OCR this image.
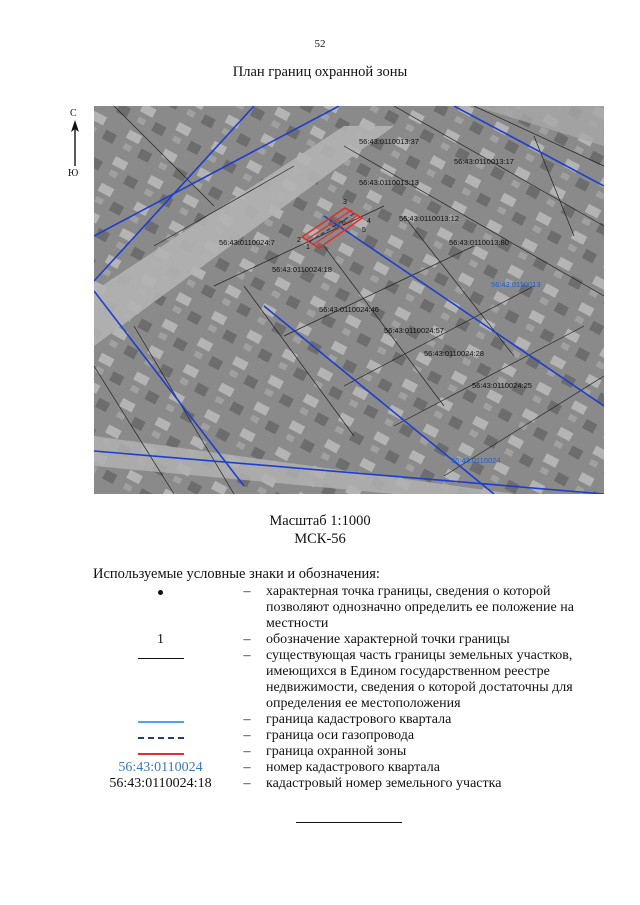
52
План границ охранной зоны
С
Ю
1
2
3
4
5
6
56:43:0110013:37
56:43:0110013:17
56:43:0110013:13
56:43:0110013:12
56:43:0110013:80
56:43:0110024:7
56:43:0110024:18
56:43:0110024:46
56:43:0110024:57
56:43:0110024:28
56:43:0110024:25
56:43:0110013
56:43:0110024
Масштаб 1:1000
МСК-56
Используемые условные знаки и обозначения:
–	характерная точка границы, сведения о которой позволяют однозначно определить ее положение на местности
1	–	обозначение характерной точки границы
–	существующая часть границы земельных участков, имеющихся в Едином государственном реестре недвижимости, сведения о которой достаточны для определения ее местоположения
–	граница кадастрового квартала
–	граница оси газопровода
–	граница охранной зоны
56:43:0110024	–	номер кадастрового квартала
56:43:0110024:18	–	кадастровый номер земельного участка
